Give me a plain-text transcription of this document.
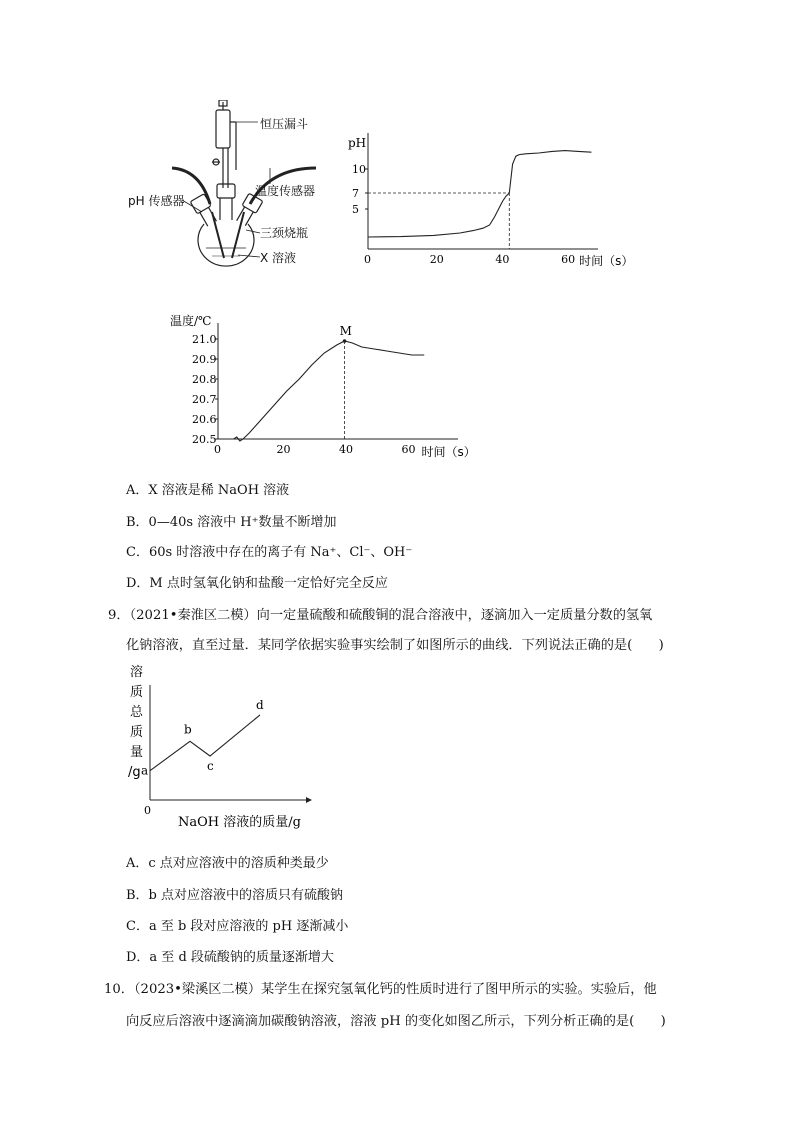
恒压漏斗
温度传感器
pH 传感器
三颈烧瓶
X 溶液
pH
0	20	40	60 时间（s）
10
7
5
温度/℃
21.0
20.9
20.8
20.7
20.6
20.5
0	20	40	60 时间（s）
M
A．X 溶液是稀 NaOH 溶液
B．0—40s 溶液中 H⁺数量不断增加
C．60s 时溶液中存在的离子有 Na⁺、Cl⁻、OH⁻
D．M 点时氢氧化钠和盐酸一定恰好完全反应
9．（2021•秦淮区二模）向一定量硫酸和硫酸铜的混合溶液中，逐滴加入一定质量分数的氢氧
化钠溶液，直至过量．某同学依据实验事实绘制了如图所示的曲线．下列说法正确的是(　　)
溶质总质量/g
0
NaOH 溶液的质量/g
a
b
c
d
A．c 点对应溶液中的溶质种类最少
B．b 点对应溶液中的溶质只有硫酸钠
C．a 至 b 段对应溶液的 pH 逐渐减小
D．a 至 d 段硫酸钠的质量逐渐增大
10．（2023•梁溪区二模）某学生在探究氢氧化钙的性质时进行了图甲所示的实验。实验后，他
向反应后溶液中逐滴滴加碳酸钠溶液，溶液 pH 的变化如图乙所示，下列分析正确的是(　　)
